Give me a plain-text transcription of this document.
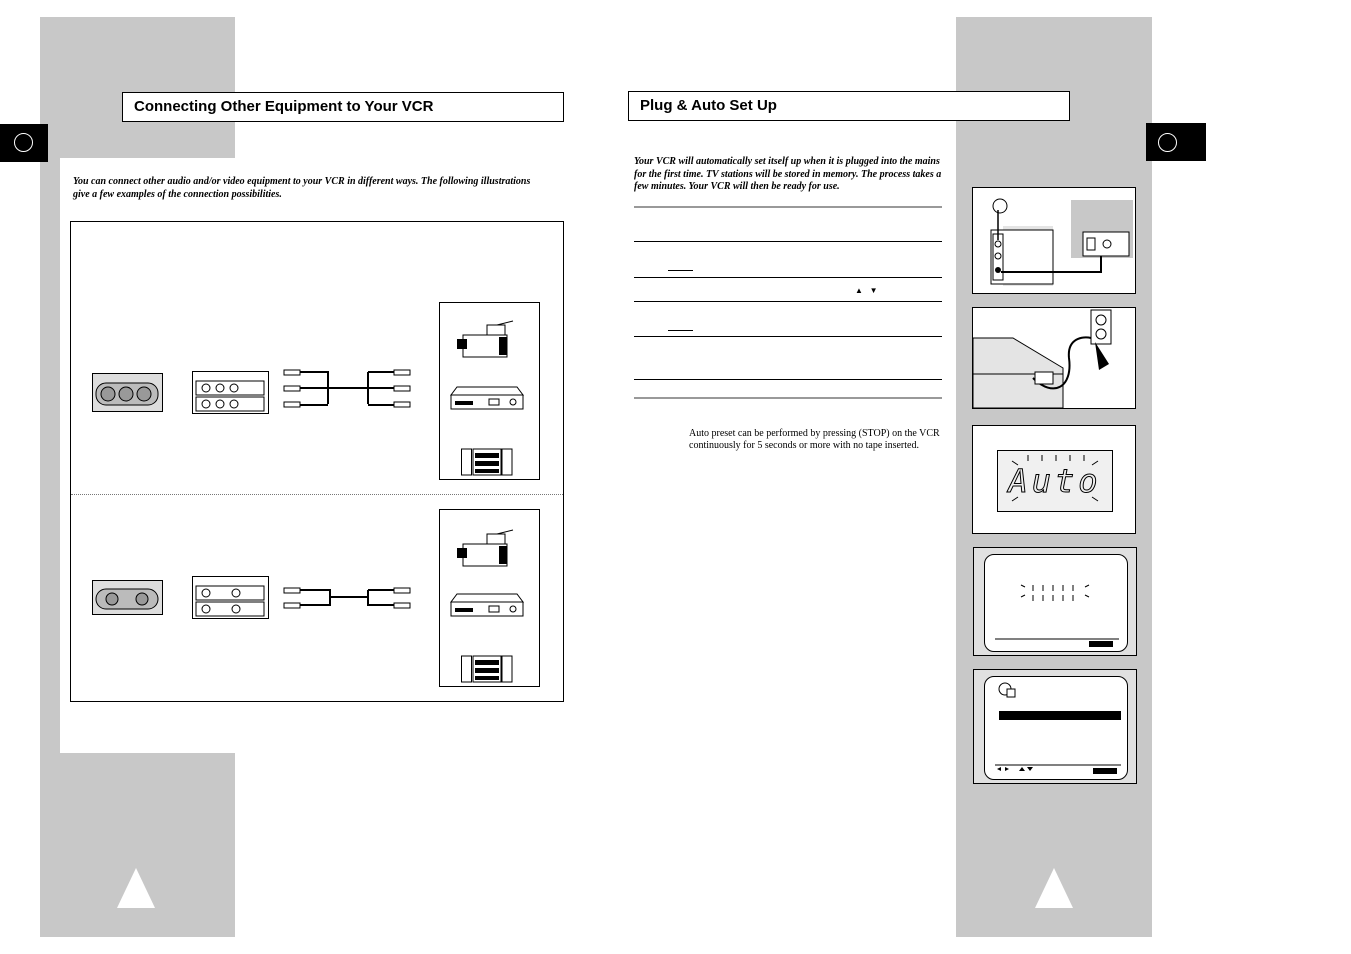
Connecting Other Equipment to Your VCR
You can connect other audio and/or video equipment to your VCR in different ways. The following illustrations give a few examples of the connection possibilities.
Plug & Auto Set Up
Your VCR will automatically set itself up when it is plugged into the mains for the first time. TV stations will be stored in memory. The process takes a few minutes. Your VCR will then be ready for use.
▲   ▼
Auto preset can be performed by pressing (STOP) on the VCR continuously for 5 seconds or more with no tape inserted.
Auto
